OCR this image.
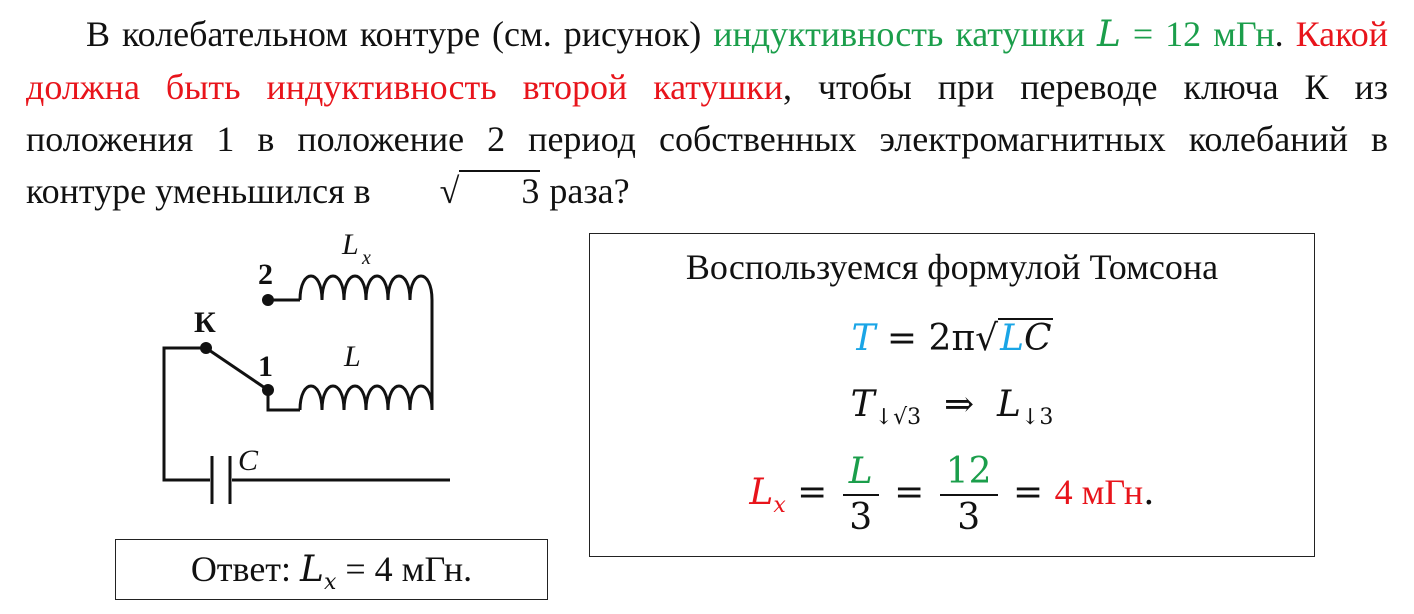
В колебательном контуре (см. рисунок) индуктивность катушки L = 12 мГн. Какой должна быть индуктивность второй катушки, чтобы при переводе ключа К из положения 1 в положение 2 период собственных электромагнитных колебаний в контуре уменьшился в √ 3 раза?

К
2
1
L x
L
C
Ответ: $L_x = 4$ мГн.
Воспользуемся формулой Томсона
T = 2π√LC
$T_{↓√3}$  ⇒  $L_{↓3}$
$L_x = \frac{L}{3} = \frac{12}{3} = 4$ мГн.
